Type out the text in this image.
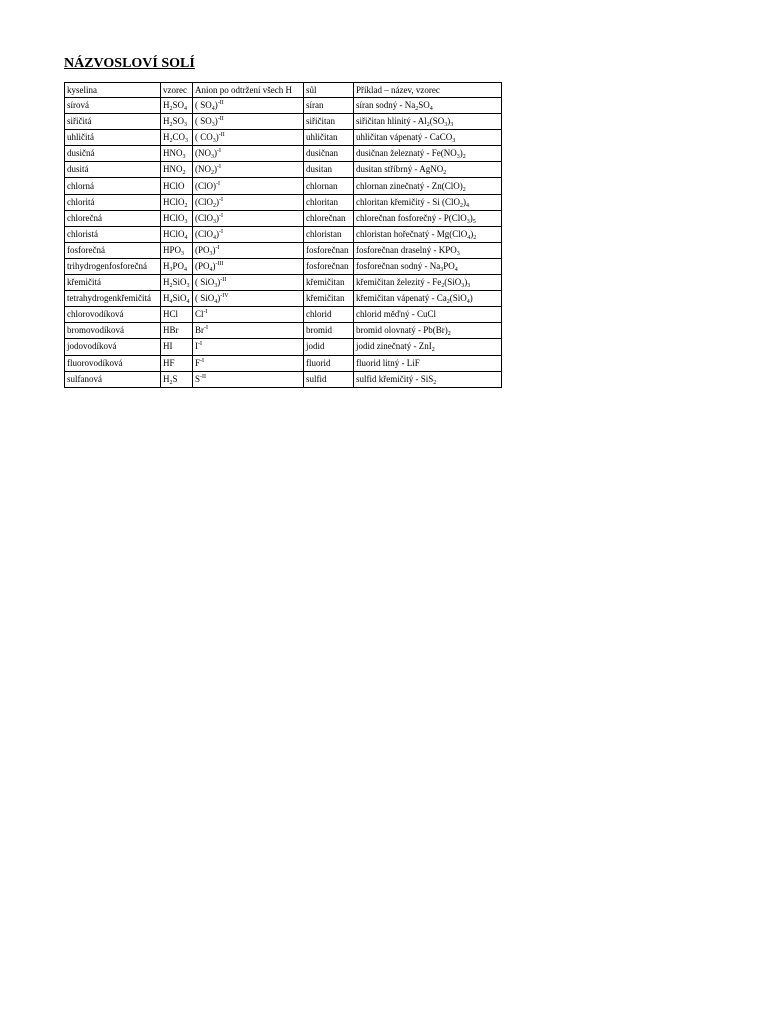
NÁZVOSLOVÍ SOLÍ
kyselina	vzorec	Anion po odtržení všech H	sůl	Příklad – název, vzorec
sírová	$H_2SO_4$	( $SO_4)^{-II}$	síran	síran sodný - $Na_2SO_4$
siřičitá	$H_2SO_3$	( $SO_3)^{-II}$	siřičitan	siřičitan hlinitý - $Al_2(SO_3)_3$
uhličitá	$H_2CO_3$	( $CO_3)^{-II}$	uhličitan	uhličitan vápenatý - CaCO$_3$
dusičná	$HNO_3$	$(NO_3)^{-I}$	dusičnan	dusičnan železnatý - $Fe(NO_3)_2$
dusitá	$HNO_2$	$(NO_2)^{-I}$	dusitan	dusitan stříbrný - AgNO$_2$
chlorná	HClO	(ClO)$^{-I}$	chlornan	chlornan zinečnatý - $Zn(ClO)_2$
chloritá	HClO$_2$	$(ClO_2)^{-I}$	chloritan	chloritan křemičitý - Si $(ClO_2)_4$
chlorečná	HClO$_3$	$(ClO_3)^{-I}$	chlorečnan	chlorečnan fosforečný - $P(ClO_3)_5$
chloristá	HClO$_4$	$(ClO_4)^{-I}$	chloristan	chloristan hořečnatý - $Mg(ClO_4)_2$
fosforečná	$HPO_3$	$(PO_3)^{-I}$	fosforečnan	fosforečnan draselný - $KPO_3$
trihydrogenfosforečná	$H_3PO_4$	$(PO_4)^{-III}$	fosforečnan	fosforečnan sodný - $Na_3PO_4$
křemičitá	$H_2SiO_3$	( SiO$_3$)$^{-II}$	křemičitan	křemičitan železitý - $Fe_2(SiO_3)_3$
tetrahydrogenkřemičitá	$H_4SiO_4$	( SiO$_4$)$^{-IV}$	křemičitan	křemičitan vápenatý - $Ca_2(SiO_4)$
chlorovodíková	HCl	$Cl^{-I}$	chlorid	chlorid měďný - CuCl
bromovodíková	HBr	$Br^{-I}$	bromid	bromid olovnatý - $Pb(Br)_2$
jodovodíková	HI	$I^{-I}$	jodid	jodid zinečnatý - ZnI$_2$
fluorovodíková	HF	$F^{-I}$	fluorid	fluorid litný - LiF
sulfanová	$H_2S$	$S^{-II}$	sulfid	sulfid křemičitý - SiS$_2$
